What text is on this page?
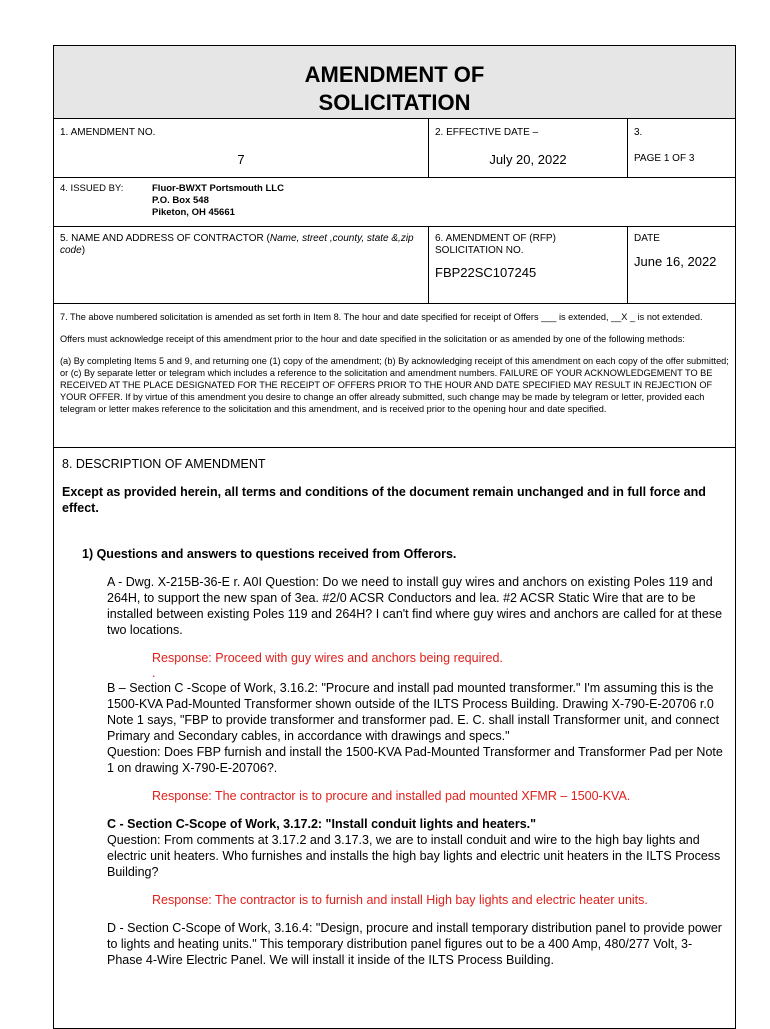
AMENDMENT OF
SOLICITATION
1. AMENDMENT NO.
7
2. EFFECTIVE DATE –
July 20, 2022
3.
PAGE 1 OF 3
4. ISSUED BY:	Fluor-BWXT Portsmouth LLC
P.O. Box 548
Piketon, OH 45661
5. NAME AND ADDRESS OF CONTRACTOR (Name, street ,county, state &,zip code)
6. AMENDMENT OF (RFP) SOLICITATION NO.
FBP22SC107245
DATE
June 16, 2022

7. The above numbered solicitation is amended as set forth in Item 8. The hour and date specified for receipt of Offers ___ is extended, __X _ is not extended.

Offers must acknowledge receipt of this amendment prior to the hour and date specified in the solicitation or as amended by one of the following methods:

(a) By completing Items 5 and 9, and returning one (1) copy of the amendment; (b) By acknowledging receipt of this amendment on each copy of the offer submitted; or (c) By separate letter or telegram which includes a reference to the solicitation and amendment numbers. FAILURE OF YOUR ACKNOWLEDGEMENT TO BE RECEIVED AT THE PLACE DESIGNATED FOR THE RECEIPT OF OFFERS PRIOR TO THE HOUR AND DATE SPECIFIED MAY RESULT IN REJECTION OF YOUR OFFER. If by virtue of this amendment you desire to change an offer already submitted, such change may be made by telegram or letter, provided each telegram or letter makes reference to the solicitation and this amendment, and is received prior to the opening hour and date specified.

8. DESCRIPTION OF AMENDMENT
Except as provided herein, all terms and conditions of the document remain unchanged and in full force and effect.
1) Questions and answers to questions received from Offerors.
A - Dwg. X-215B-36-E r. A0I Question: Do we need to install guy wires and anchors on existing Poles 119 and 264H, to support the new span of 3ea. #2/0 ACSR Conductors and lea. #2 ACSR Static Wire that are to be installed between existing Poles 119 and 264H? I can't find where guy wires and anchors are called for at these two locations.
Response: Proceed with guy wires and anchors being required.
.
B – Section C -Scope of Work, 3.16.2: "Procure and install pad mounted transformer." I'm assuming this is the 1500-KVA Pad-Mounted Transformer shown outside of the ILTS Process Building. Drawing X-790-E-20706 r.0 Note 1 says, "FBP to provide transformer and transformer pad. E. C. shall install Transformer unit, and connect Primary and Secondary cables, in accordance with drawings and specs."
Question: Does FBP furnish and install the 1500-KVA Pad-Mounted Transformer and Transformer Pad per Note 1 on drawing X-790-E-20706?.
Response: The contractor is to procure and installed pad mounted XFMR – 1500-KVA.
C - Section C-Scope of Work, 3.17.2: "Install conduit lights and heaters."
Question: From comments at 3.17.2 and 3.17.3, we are to install conduit and wire to the high bay lights and electric unit heaters. Who furnishes and installs the high bay lights and electric unit heaters in the ILTS Process Building?
Response: The contractor is to furnish and install High bay lights and electric heater units.
D - Section C-Scope of Work, 3.16.4: "Design, procure and install temporary distribution panel to provide power to lights and heating units." This temporary distribution panel figures out to be a 400 Amp, 480/277 Volt, 3-Phase 4-Wire Electric Panel. We will install it inside of the ILTS Process Building.
